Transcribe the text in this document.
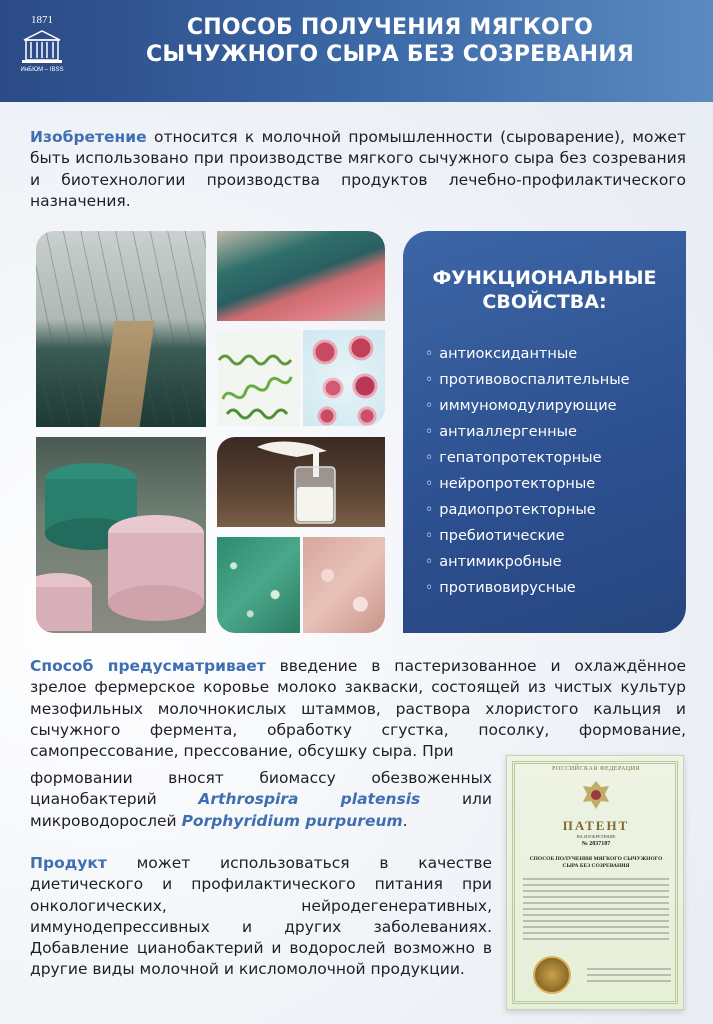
1871
ИнБЮМ – IBSS
СПОСОБ ПОЛУЧЕНИЯ МЯГКОГО
СЫЧУЖНОГО СЫРА БЕЗ СОЗРЕВАНИЯ

Изобретение относится к молочной промышленности (сыроварение), может быть использовано при производстве мягкого сычужного сыра без созревания и биотехнологии производства продуктов лечебно-профилактического назначения.

ФУНКЦИОНАЛЬНЫЕ
СВОЙСТВА:
◦ антиоксидантные
◦ противовоспалительные
◦ иммуномодулирующие
◦ антиаллергенные
◦ гепатопротекторные
◦ нейропротекторные
◦ радиопротекторные
◦ пребиотические
◦ антимикробные
◦ противовирусные

Способ предусматривает введение в пастеризованное и охлаждённое зрелое фермерское коровье молоко закваски, состоящей из чистых культур мезофильных молочнокислых штаммов, раствора хлористого кальция и сычужного фермента, обработку сгустка, посолку, формование, самопрессование, прессование, обсушку сыра. При

формовании вносят биомассу обезвоженных цианобактерий Arthrospira platensis или микроводорослей Porphyridium purpureum.

Продукт может использоваться в качестве диетического и профилактического питания при онкологических, нейродегенеративных, иммунодепрессивных и других заболеваниях. Добавление цианобактерий и водорослей возможно в другие виды молочной и кисломолочной продукции.

РОССИЙСКАЯ ФЕДЕРАЦИЯ
ПАТЕНТ
НА ИЗОБРЕТЕНИЕ
№ 2837187
СПОСОБ ПОЛУЧЕНИЯ МЯГКОГО СЫЧУЖНОГО СЫРА БЕЗ СОЗРЕВАНИЯ
